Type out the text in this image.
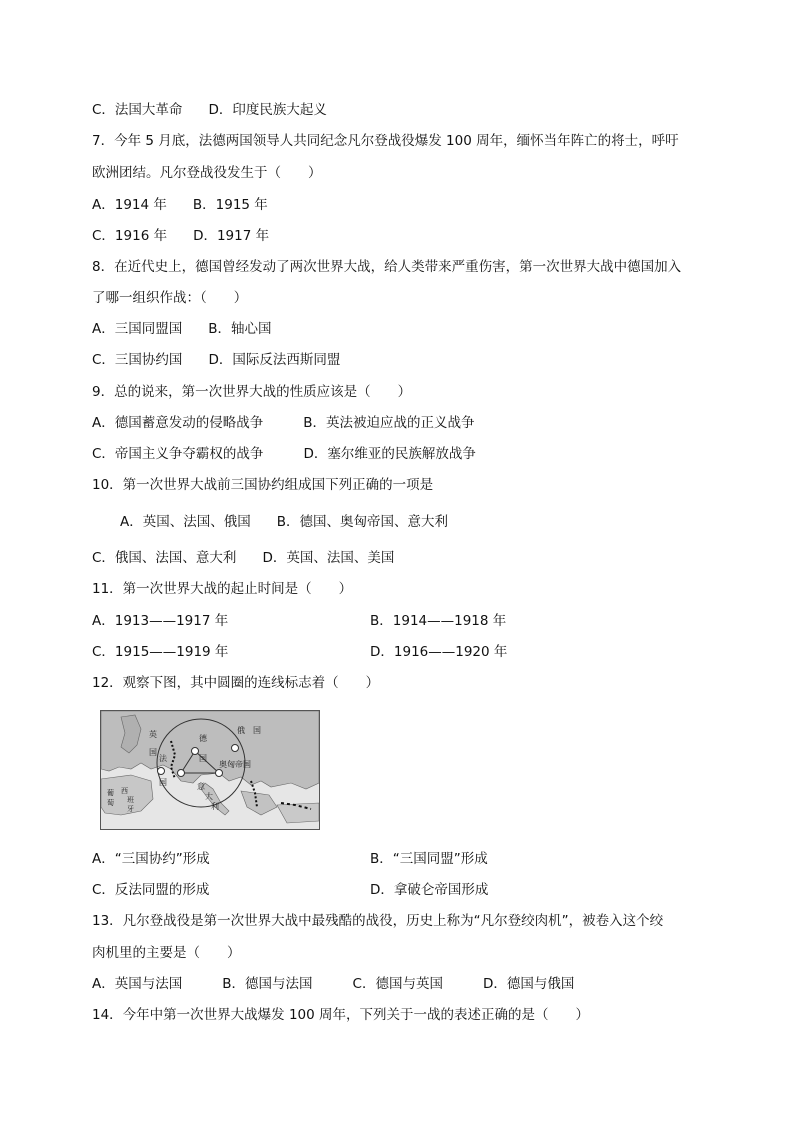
C．法国大革命 D．印度民族大起义
7．今年 5 月底，法德两国领导人共同纪念凡尔登战役爆发 100 周年，缅怀当年阵亡的将士，呼吁
欧洲团结。凡尔登战役发生于（　　）
A．1914 年 B．1915 年
C．1916 年 D．1917 年
8．在近代史上，德国曾经发动了两次世界大战，给人类带来严重伤害，第一次世界大战中德国加入
了哪一组织作战：（　　）
A．三国同盟国 B．轴心国
C．三国协约国 D．国际反法西斯同盟
9．总的说来，第一次世界大战的性质应该是（　　）
A．德国蓄意发动的侵略战争	B．英法被迫应战的正义战争
C．帝国主义争夺霸权的战争	D．塞尔维亚的民族解放战争
10．第一次世界大战前三国协约组成国下列正确的一项是
A．英国、法国、俄国 B．德国、奥匈帝国、意大利
C．俄国、法国、意大利 D．英国、法国、美国
11．第一次世界大战的起止时间是（　　）
A．1913——1917 年	B．1914——1918 年
C．1915——1919 年	D．1916——1920 年
12．观察下图，其中圆圈的连线标志着（　　）
俄　国
德
国
法
国
英
国
奥匈帝国
意
大
利
西
班
牙
葡
萄
A．“三国协约”形成	B．“三国同盟”形成
C．反法同盟的形成	D．拿破仑帝国形成
13．凡尔登战役是第一次世界大战中最残酷的战役，历史上称为“凡尔登绞肉机”，被卷入这个绞
肉机里的主要是（　　）
A．英国与法国	B．德国与法国	C．德国与英国	D．德国与俄国
14．今年中第一次世界大战爆发 100 周年，下列关于一战的表述正确的是（　　）
